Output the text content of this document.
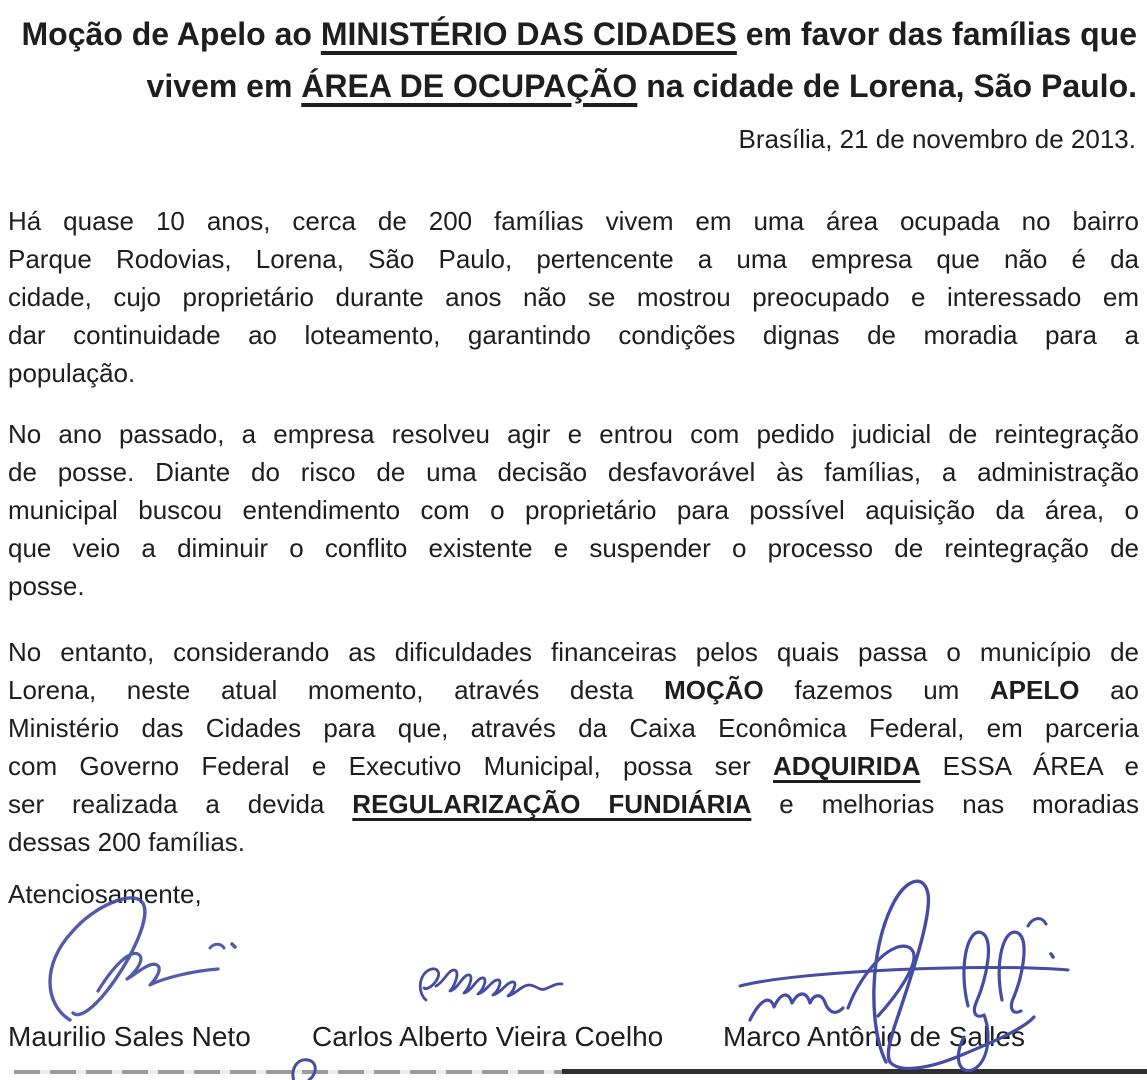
Moção de Apelo ao MINISTÉRIO DAS CIDADES em favor das famílias que
vivem em ÁREA DE OCUPAÇÃO na cidade de Lorena, São Paulo.
Brasília, 21 de novembro de 2013.
Há quase 10 anos, cerca de 200 famílias vivem em uma área ocupada no bairro
Parque Rodovias, Lorena, São Paulo, pertencente a uma empresa que não é da
cidade, cujo proprietário durante anos não se mostrou preocupado e interessado em
dar continuidade ao loteamento, garantindo condições dignas de moradia para a
população.
No ano passado, a empresa resolveu agir e entrou com pedido judicial de reintegração
de posse. Diante do risco de uma decisão desfavorável às famílias, a administração
municipal buscou entendimento com o proprietário para possível aquisição da área, o
que veio a diminuir o conflito existente e suspender o processo de reintegração de
posse.
No entanto, considerando as dificuldades financeiras pelos quais passa o município de
Lorena, neste atual momento, através desta MOÇÃO fazemos um APELO ao
Ministério das Cidades para que, através da Caixa Econômica Federal, em parceria
com Governo Federal e Executivo Municipal, possa ser ADQUIRIDA ESSA ÁREA e
ser realizada a devida REGULARIZAÇÃO FUNDIÁRIA e melhorias nas moradias
dessas 200 famílias.
Atenciosamente,
Maurilio Sales Neto Carlos Alberto Vieira Coelho Marco Antônio de Salles
